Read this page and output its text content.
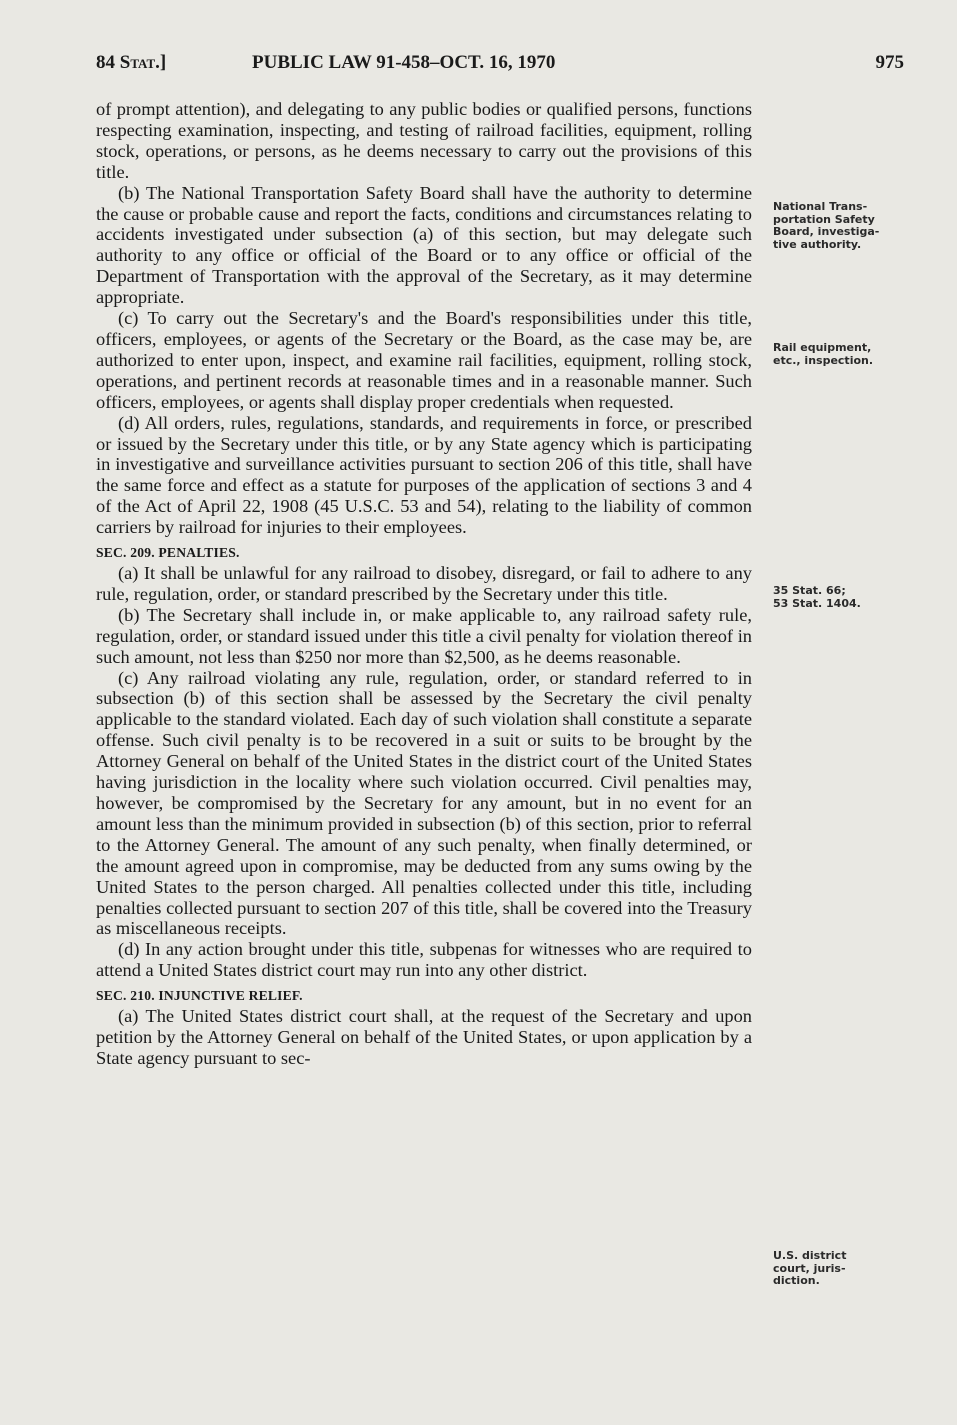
84 Stat.]	PUBLIC LAW 91-458–OCT. 16, 1970	975

of prompt attention), and delegating to any public bodies or qualified persons, functions respecting examination, inspecting, and testing of railroad facilities, equipment, rolling stock, operations, or persons, as he deems necessary to carry out the provisions of this title.

(b) The National Transportation Safety Board shall have the authority to determine the cause or probable cause and report the facts, conditions and circumstances relating to accidents investigated under subsection (a) of this section, but may delegate such authority to any office or official of the Board or to any office or official of the Department of Transportation with the approval of the Secretary, as it may determine appropriate.

(c) To carry out the Secretary's and the Board's responsibilities under this title, officers, employees, or agents of the Secretary or the Board, as the case may be, are authorized to enter upon, inspect, and examine rail facilities, equipment, rolling stock, operations, and pertinent records at reasonable times and in a reasonable manner. Such officers, employees, or agents shall display proper credentials when requested.

(d) All orders, rules, regulations, standards, and requirements in force, or prescribed or issued by the Secretary under this title, or by any State agency which is participating in investigative and surveillance activities pursuant to section 206 of this title, shall have the same force and effect as a statute for purposes of the application of sections 3 and 4 of the Act of April 22, 1908 (45 U.S.C. 53 and 54), relating to the liability of common carriers by railroad for injuries to their employees.

SEC. 209. PENALTIES.

(a) It shall be unlawful for any railroad to disobey, disregard, or fail to adhere to any rule, regulation, order, or standard prescribed by the Secretary under this title.

(b) The Secretary shall include in, or make applicable to, any railroad safety rule, regulation, order, or standard issued under this title a civil penalty for violation thereof in such amount, not less than $250 nor more than $2,500, as he deems reasonable.

(c) Any railroad violating any rule, regulation, order, or standard referred to in subsection (b) of this section shall be assessed by the Secretary the civil penalty applicable to the standard violated. Each day of such violation shall constitute a separate offense. Such civil penalty is to be recovered in a suit or suits to be brought by the Attorney General on behalf of the United States in the district court of the United States having jurisdiction in the locality where such violation occurred. Civil penalties may, however, be compromised by the Secretary for any amount, but in no event for an amount less than the minimum provided in subsection (b) of this section, prior to referral to the Attorney General. The amount of any such penalty, when finally determined, or the amount agreed upon in compromise, may be deducted from any sums owing by the United States to the person charged. All penalties collected under this title, including penalties collected pursuant to section 207 of this title, shall be covered into the Treasury as miscellaneous receipts.

(d) In any action brought under this title, subpenas for witnesses who are required to attend a United States district court may run into any other district.

SEC. 210. INJUNCTIVE RELIEF.

(a) The United States district court shall, at the request of the Secretary and upon petition by the Attorney General on behalf of the United States, or upon application by a State agency pursuant to sec-

National Trans-
portation Safety
Board, investiga-
tive authority.
Rail equipment,
etc., inspection.
35 Stat. 66;
53 Stat. 1404.
U.S. district
court, juris-
diction.
